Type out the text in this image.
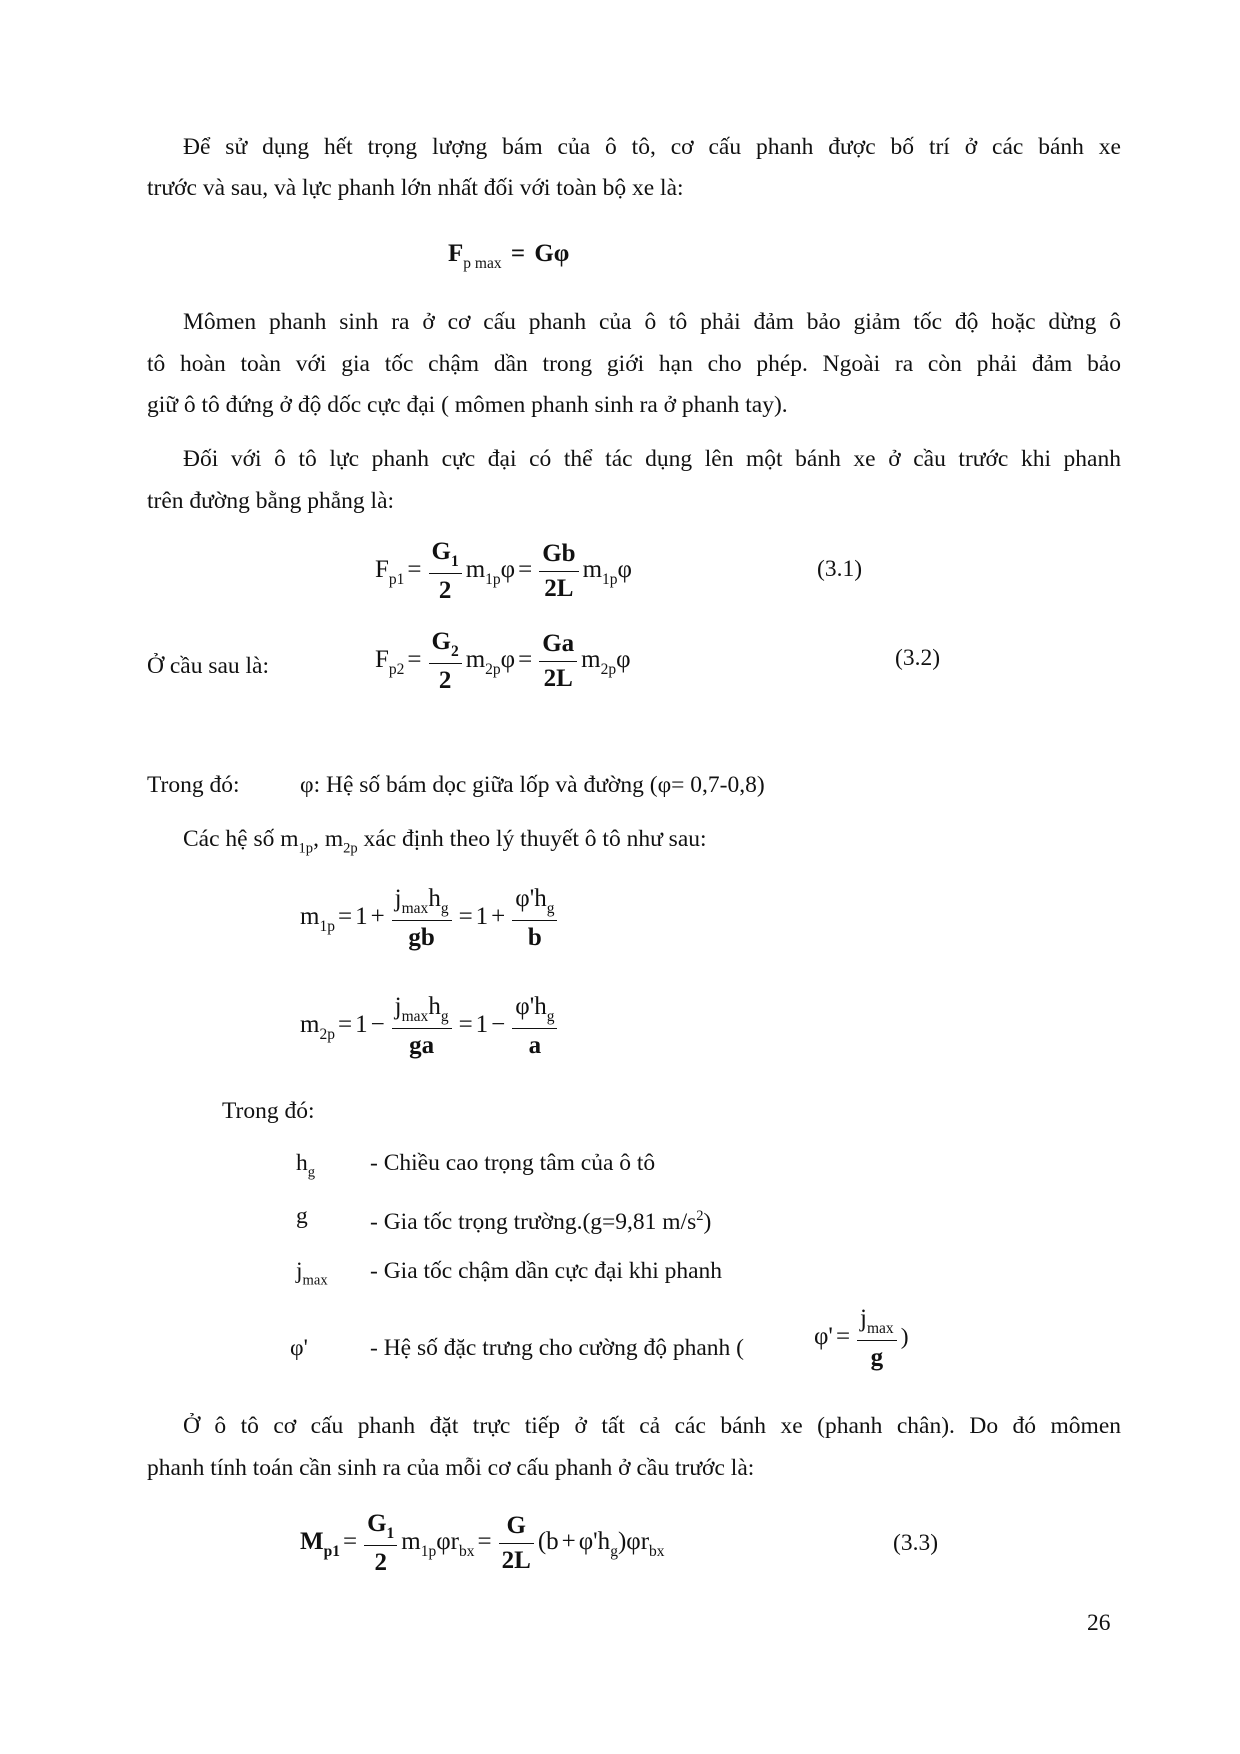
Để sử dụng hết trọng lượng bám của ô tô, cơ cấu phanh được bố trí ở các bánh xe
trước và sau, và lực phanh lớn nhất đối với toàn bộ xe là:
$F_{p max} = G\varphi$
Mômen phanh sinh ra ở cơ cấu phanh của ô tô phải đảm bảo giảm tốc độ hoặc dừng ô
tô hoàn toàn với gia tốc chậm dần trong giới hạn cho phép. Ngoài ra còn phải đảm bảo
giữ ô tô đứng ở độ dốc cực đại ( mômen phanh sinh ra ở phanh tay).
Đối với ô tô lực phanh cực đại có thể tác dụng lên một bánh xe ở cầu trước khi phanh
trên đường bằng phẳng là:
$F_{p1} = \frac{G_1}{2} m_{1p}\varphi = \frac{Gb}{2L} m_{1p}\varphi$	(3.1)
Ở cầu sau là:	$F_{p2} = \frac{G_2}{2} m_{2p}\varphi = \frac{Ga}{2L} m_{2p}\varphi$	(3.2)
Trong đó:	φ: Hệ số bám dọc giữa lốp và đường (φ= 0,7-0,8)
Các hệ số $m_{1p}$, $m_{2p}$ xác định theo lý thuyết ô tô như sau:
$m_{1p} = 1 + \frac{j_{max}h_g}{gb} = 1 + \frac{\varphi'h_g}{b}$
$m_{2p} = 1 - \frac{j_{max}h_g}{ga} = 1 - \frac{\varphi'h_g}{a}$
Trong đó:
$h_g$ - Chiều cao trọng tâm của ô tô
g	- Gia tốc trọng trường.(g=9,81 $m/s^2$)
$j_{max}$ - Gia tốc chậm dần cực đại khi phanh
φ'	- Hệ số đặc trưng cho cường độ phanh (	$\varphi' = \frac{j_{max}}{g}$ )
Ở ô tô cơ cấu phanh đặt trực tiếp ở tất cả các bánh xe (phanh chân). Do đó mômen
phanh tính toán cần sinh ra của mỗi cơ cấu phanh ở cầu trước là:
$M_{p1} = \frac{G_1}{2} m_{1p}\varphi r_{bx} = \frac{G}{2L} (b + \varphi'h_g)\varphi r_{bx}$	(3.3)
26
